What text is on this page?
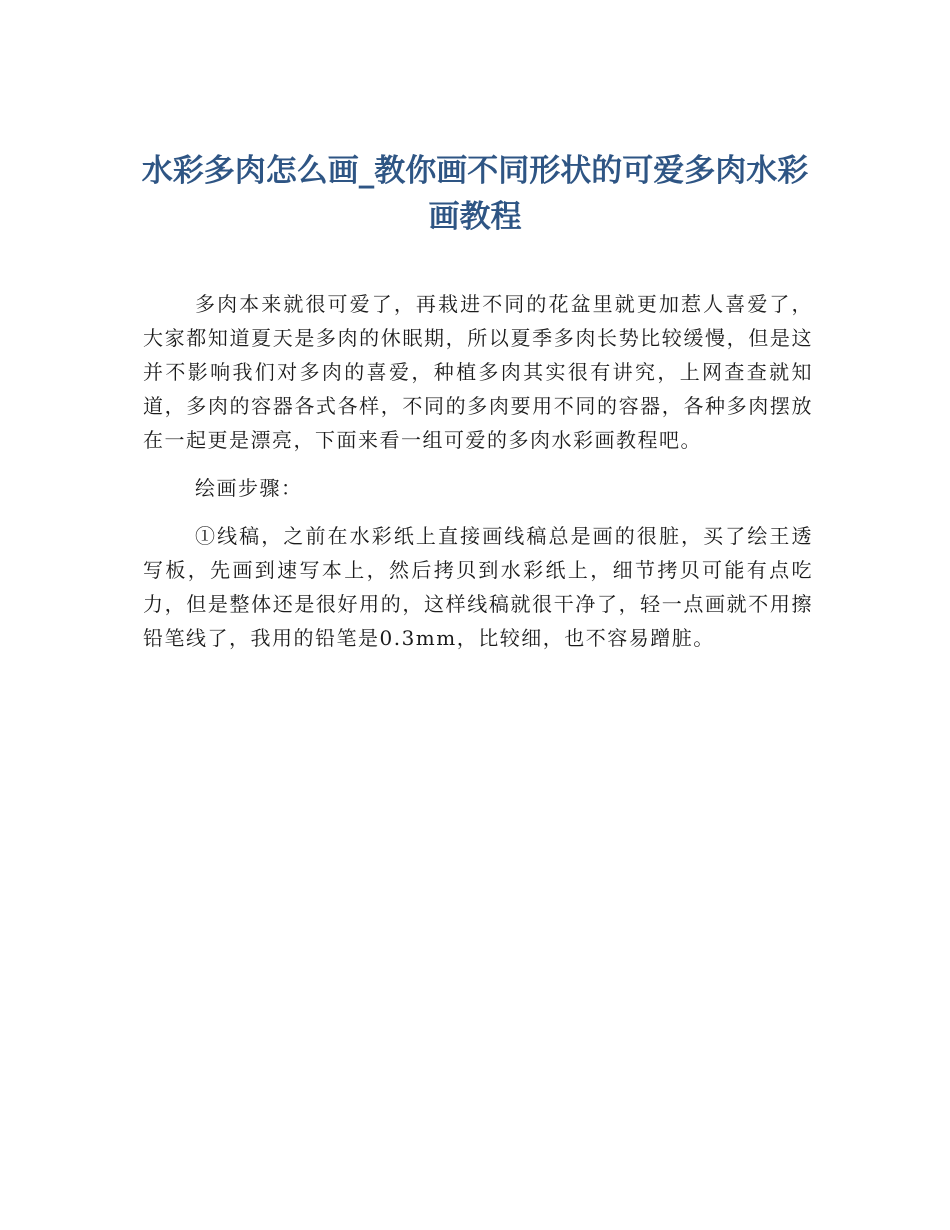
水彩多肉怎么画_教你画不同形状的可爱多肉水彩画教程

多肉本来就很可爱了，再栽进不同的花盆里就更加惹人喜爱了，大家都知道夏天是多肉的休眠期，所以夏季多肉长势比较缓慢，但是这并不影响我们对多肉的喜爱，种植多肉其实很有讲究，上网查查就知道，多肉的容器各式各样，不同的多肉要用不同的容器，各种多肉摆放在一起更是漂亮，下面来看一组可爱的多肉水彩画教程吧。

绘画步骤：

①线稿，之前在水彩纸上直接画线稿总是画的很脏，买了绘王透写板，先画到速写本上，然后拷贝到水彩纸上，细节拷贝可能有点吃力，但是整体还是很好用的，这样线稿就很干净了，轻一点画就不用擦铅笔线了，我用的铅笔是0.3mm，比较细，也不容易蹭脏。
